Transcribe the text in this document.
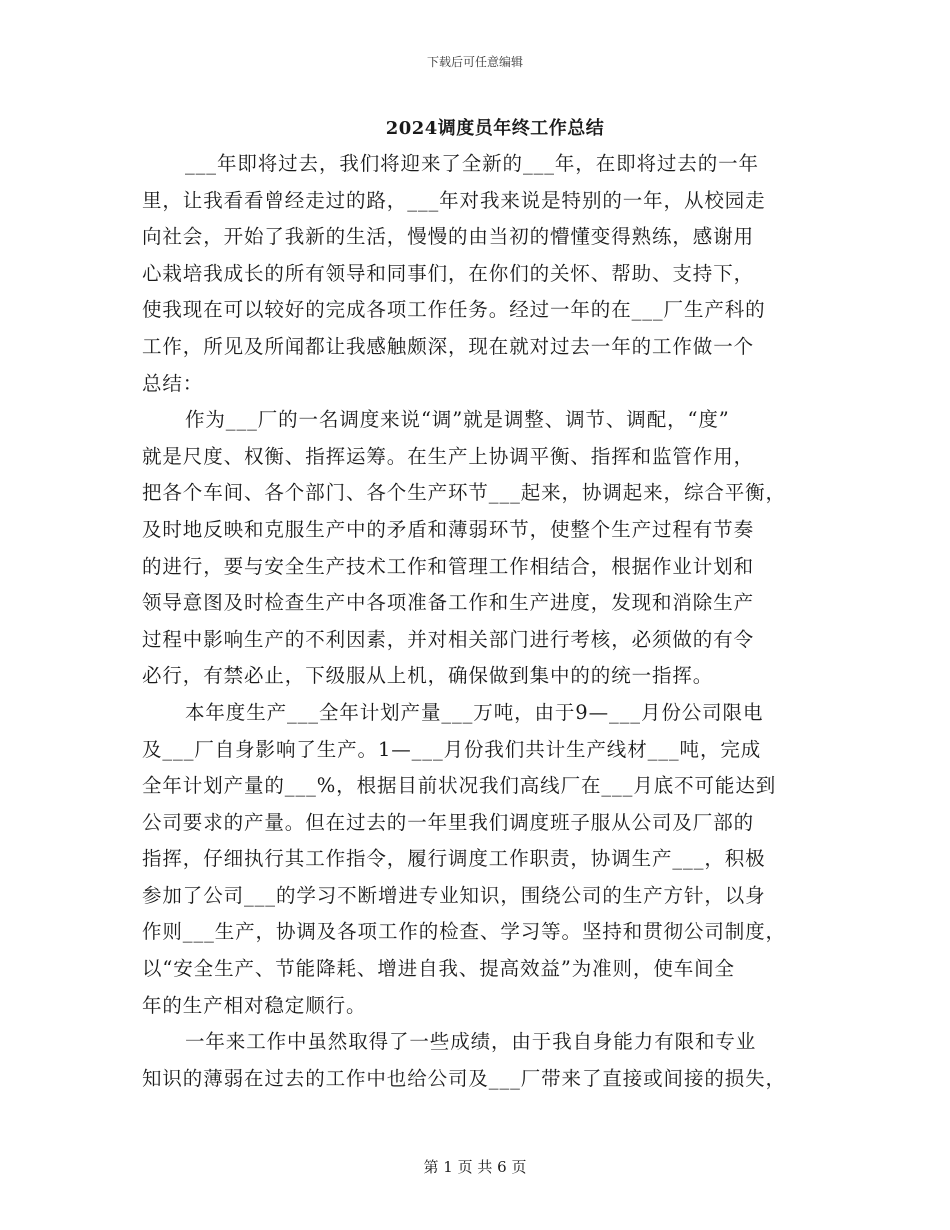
下载后可任意编辑
2024调度员年终工作总结
___年即将过去，我们将迎来了全新的___年，在即将过去的一年
里，让我看看曾经走过的路，___年对我来说是特别的一年，从校园走
向社会，开始了我新的生活，慢慢的由当初的懵懂变得熟练，感谢用
心栽培我成长的所有领导和同事们，在你们的关怀、帮助、支持下，
使我现在可以较好的完成各项工作任务。经过一年的在___厂生产科的
工作，所见及所闻都让我感触颇深，现在就对过去一年的工作做一个
总结：
作为___厂的一名调度来说“调”就是调整、调节、调配，“度”
就是尺度、权衡、指挥运筹。在生产上协调平衡、指挥和监管作用，
把各个车间、各个部门、各个生产环节___起来，协调起来，综合平衡，
及时地反映和克服生产中的矛盾和薄弱环节，使整个生产过程有节奏
的进行，要与安全生产技术工作和管理工作相结合，根据作业计划和
领导意图及时检查生产中各项准备工作和生产进度，发现和消除生产
过程中影响生产的不利因素，并对相关部门进行考核，必须做的有令
必行，有禁必止，下级服从上机，确保做到集中的的统一指挥。
本年度生产___全年计划产量___万吨，由于9—___月份公司限电
及___厂自身影响了生产。1—___月份我们共计生产线材___吨，完成
全年计划产量的___%，根据目前状况我们高线厂在___月底不可能达到
公司要求的产量。但在过去的一年里我们调度班子服从公司及厂部的
指挥，仔细执行其工作指令，履行调度工作职责，协调生产___，积极
参加了公司___的学习不断增进专业知识，围绕公司的生产方针，以身
作则___生产，协调及各项工作的检查、学习等。坚持和贯彻公司制度，
以“安全生产、节能降耗、增进自我、提高效益”为准则，使车间全
年的生产相对稳定顺行。
一年来工作中虽然取得了一些成绩，由于我自身能力有限和专业
知识的薄弱在过去的工作中也给公司及___厂带来了直接或间接的损失，
第 1 页 共 6 页
